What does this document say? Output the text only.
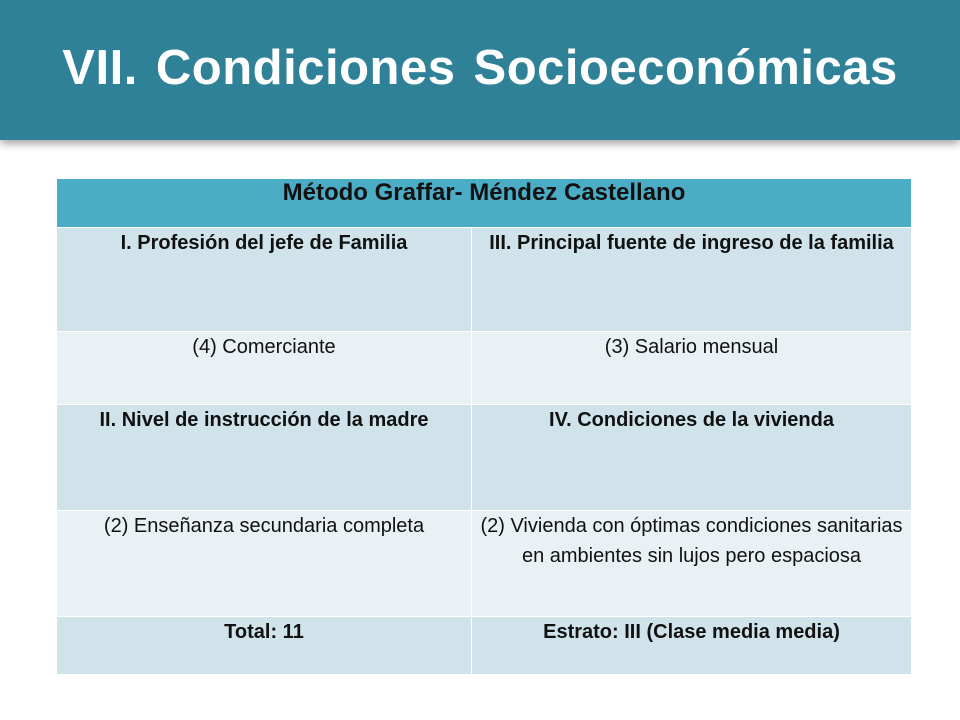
VII. Condiciones Socioeconómicas
Método Graffar- Méndez Castellano	
I. Profesión del jefe de Familia	III. Principal fuente de ingreso de la familia
(4) Comerciante	(3) Salario mensual
II. Nivel de instrucción de la madre	IV. Condiciones de la vivienda
(2) Enseñanza secundaria completa	(2) Vivienda con óptimas condiciones sanitarias en ambientes sin lujos pero espaciosa
Total: 11	Estrato: III (Clase media media)
